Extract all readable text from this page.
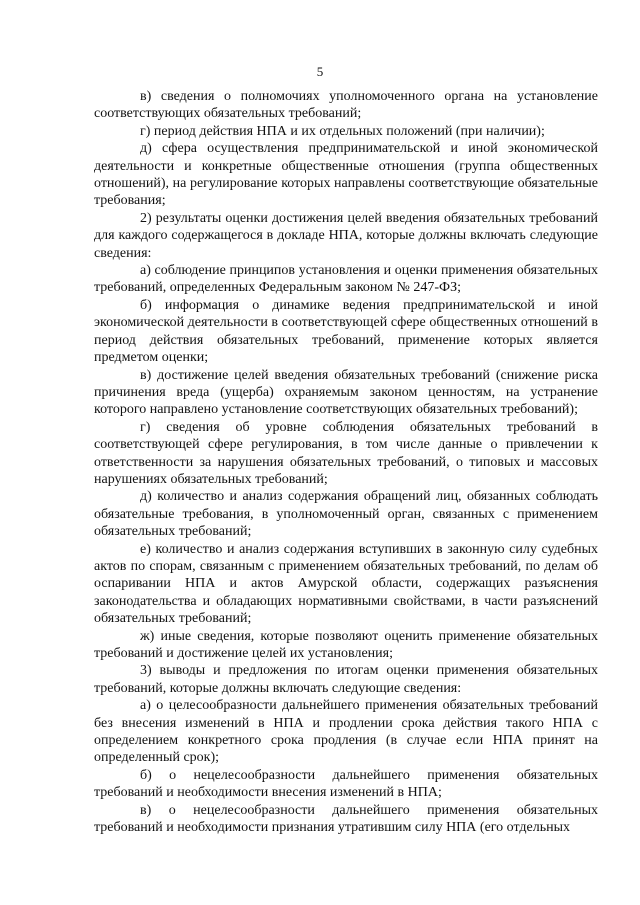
5

в) сведения о полномочиях уполномоченного органа на установление соответствующих обязательных требований;

г) период действия НПА и их отдельных положений (при наличии);

д) сфера осуществления предпринимательской и иной экономической деятельности и конкретные общественные отношения (группа общественных отношений), на регулирование которых направлены соответствующие обязательные требования;

2) результаты оценки достижения целей введения обязательных требований для каждого содержащегося в докладе НПА, которые должны включать следующие сведения:

а) соблюдение принципов установления и оценки применения обязательных требований, определенных Федеральным законом № 247-ФЗ;

б) информация о динамике ведения предпринимательской и иной экономической деятельности в соответствующей сфере общественных отношений в период действия обязательных требований, применение которых является предметом оценки;

в) достижение целей введения обязательных требований (снижение риска причинения вреда (ущерба) охраняемым законом ценностям, на устранение которого направлено установление соответствующих обязательных требований);

г) сведения об уровне соблюдения обязательных требований в соответствующей сфере регулирования, в том числе данные о привлечении к ответственности за нарушения обязательных требований, о типовых и массовых нарушениях обязательных требований;

д) количество и анализ содержания обращений лиц, обязанных соблюдать обязательные требования, в уполномоченный орган, связанных с применением обязательных требований;

е) количество и анализ содержания вступивших в законную силу судебных актов по спорам, связанным с применением обязательных требований, по делам об оспаривании НПА и актов Амурской области, содержащих разъяснения законодательства и обладающих нормативными свойствами, в части разъяснений обязательных требований;

ж) иные сведения, которые позволяют оценить применение обязательных требований и достижение целей их установления;

3) выводы и предложения по итогам оценки применения обязательных требований, которые должны включать следующие сведения:

а) о целесообразности дальнейшего применения обязательных требований без внесения изменений в НПА и продлении срока действия такого НПА с определением конкретного срока продления (в случае если НПА принят на определенный срок);

б) о нецелесообразности дальнейшего применения обязательных требований и необходимости внесения изменений в НПА;

в) о нецелесообразности дальнейшего применения обязательных требований и необходимости признания утратившим силу НПА (его отдельных
